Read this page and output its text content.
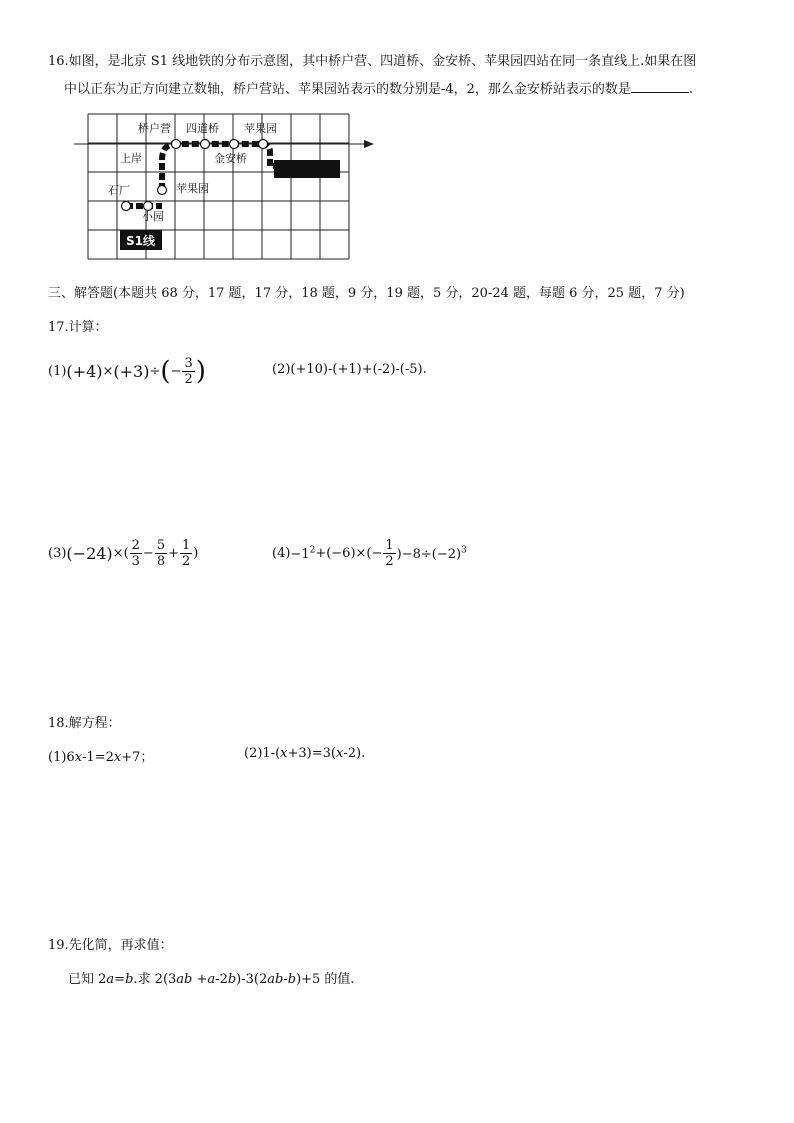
16.如图，是北京 S1 线地铁的分布示意图，其中桥户营、四道桥、金安桥、苹果园四站在同一条直线上.如果在图
中以正东为正方向建立数轴，桥户营站、苹果园站表示的数分别是-4，2，那么金安桥站表示的数是	.
桥户营 四道桥 苹果园
上岸	金安桥
石厂	苹果园
小园
S1线
三、解答题(本题共 68 分，17 题，17 分，18 题，9 分，19 题，5 分，20-24 题，每题 6 分，25 题，7 分)
17.计算：
$(1)(+4)\times(+3)\div(- \frac{3}{2}$ )	(2)(+10)-(+1)+(-2)-(-5).
$(3)(-24)\times( \frac{2}{3} - \frac{5}{8} + \frac{1}{2}$ )	$(4)-1^2+(-6)\times(- \frac{1}{2} )-8\div(-2)^3$
18.解方程：
(1)6x-1=2x+7；	(2)1-(x+3)=3(x-2).
19.先化简，再求值：
已知 2a=b.求 2(3ab +a-2b)-3(2ab-b)+5 的值.
